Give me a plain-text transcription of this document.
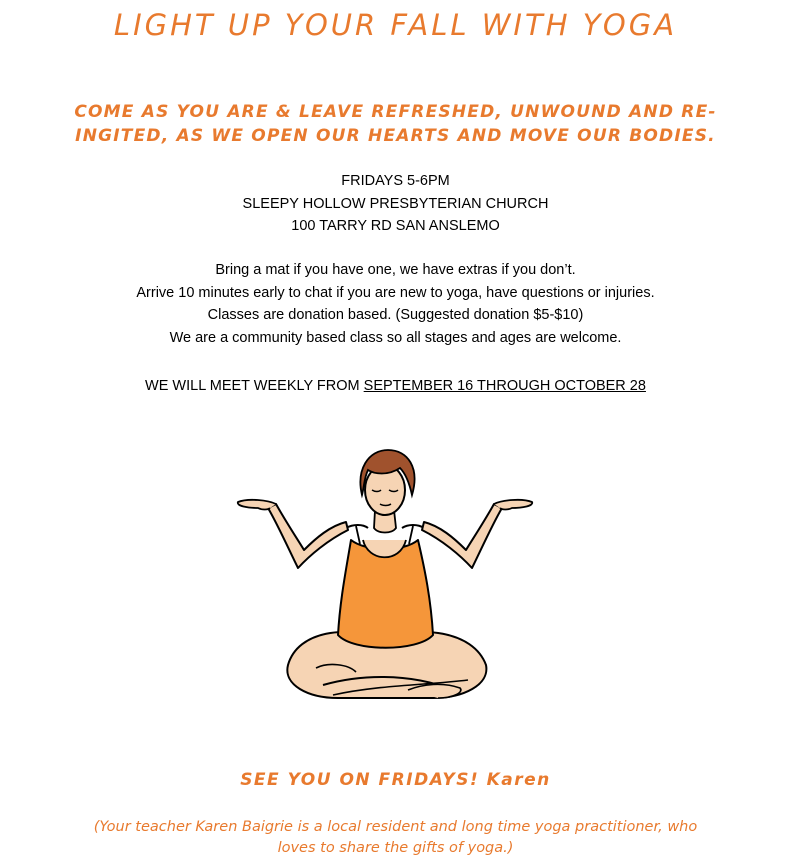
LIGHT UP YOUR FALL WITH YOGA

COME AS YOU ARE & LEAVE REFRESHED, UNWOUND AND RE-INGITED, AS WE OPEN OUR HEARTS AND MOVE OUR BODIES.

FRIDAYS 5-6PM
SLEEPY HOLLOW PRESBYTERIAN CHURCH
100 TARRY RD SAN ANSLEMO
Bring a mat if you have one, we have extras if you don’t.
Arrive 10 minutes early to chat if you are new to yoga, have questions or injuries.
Classes are donation based. (Suggested donation $5-$10)
We are a community based class so all stages and ages are welcome.
WE WILL MEET WEEKLY FROM SEPTEMBER 16 THROUGH OCTOBER 28
SEE YOU ON FRIDAYS! Karen
(Your teacher Karen Baigrie is a local resident and long time yoga practitioner, who loves to share the gifts of yoga.)
